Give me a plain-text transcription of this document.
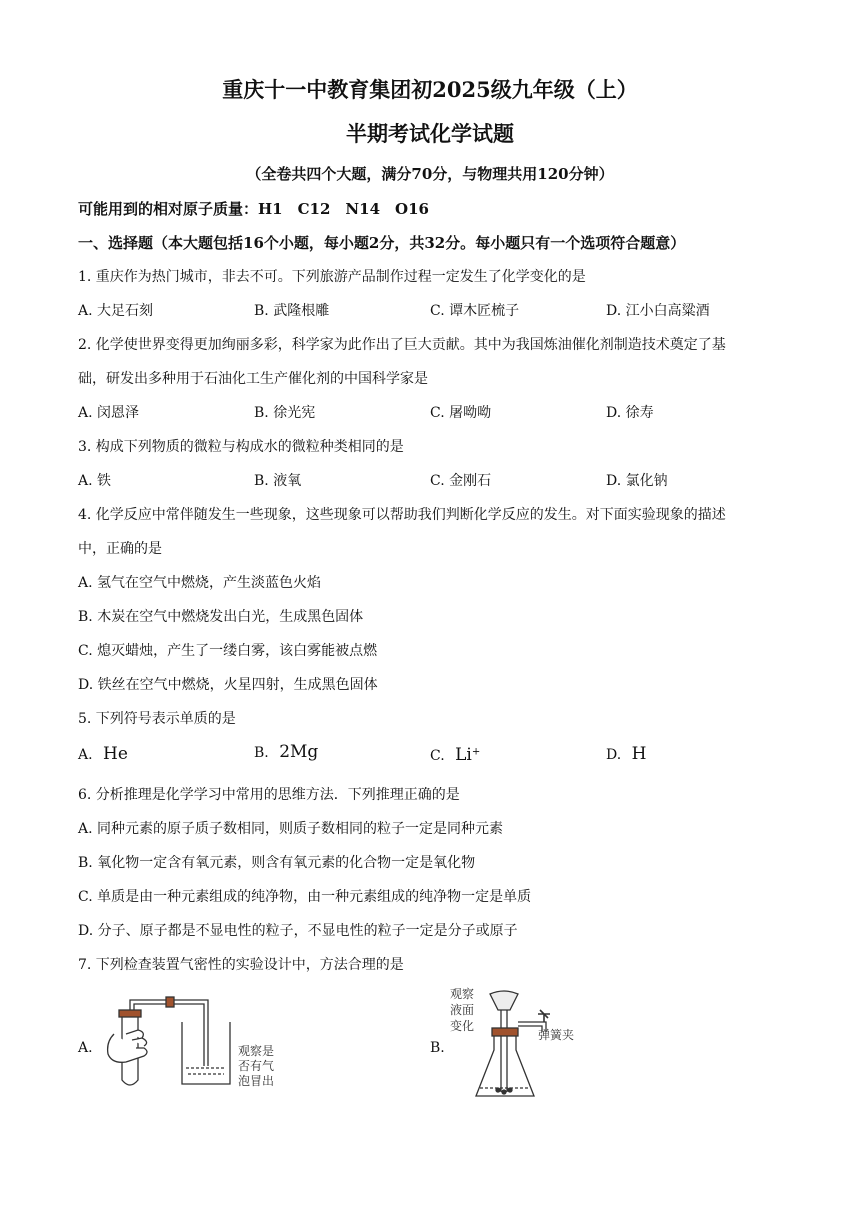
重庆十一中教育集团初2025级九年级（上）
半期考试化学试题
（全卷共四个大题，满分70分，与物理共用120分钟）
可能用到的相对原子质量：H1　C12　N14　O16
一、选择题（本大题包括16个小题，每小题2分，共32分。每小题只有一个选项符合题意）
1. 重庆作为热门城市，非去不可。下列旅游产品制作过程一定发生了化学变化的是
A. 大足石刻	B. 武隆根雕	C. 谭木匠梳子	D. 江小白高粱酒
2. 化学使世界变得更加绚丽多彩，科学家为此作出了巨大贡献。其中为我国炼油催化剂制造技术奠定了基
础，研发出多种用于石油化工生产催化剂的中国科学家是
A. 闵恩泽	B. 徐光宪	C. 屠呦呦	D. 徐寿
3. 构成下列物质的微粒与构成水的微粒种类相同的是
A. 铁	B. 液氧	C. 金刚石	D. 氯化钠
4. 化学反应中常伴随发生一些现象，这些现象可以帮助我们判断化学反应的发生。对下面实验现象的描述
中，正确的是
A. 氢气在空气中燃烧，产生淡蓝色火焰
B. 木炭在空气中燃烧发出白光，生成黑色固体
C. 熄灭蜡烛，产生了一缕白雾，该白雾能被点燃
D. 铁丝在空气中燃烧，火星四射，生成黑色固体
5. 下列符号表示单质的是
A. He	B. 2Mg	C. Li+	D. H
6. 分析推理是化学学习中常用的思维方法．下列推理正确的是
A. 同种元素的原子质子数相同，则质子数相同的粒子一定是同种元素
B. 氧化物一定含有氧元素，则含有氧元素的化合物一定是氧化物
C. 单质是由一种元素组成的纯净物，由一种元素组成的纯净物一定是单质
D. 分子、原子都是不显电性的粒子，不显电性的粒子一定是分子或原子
7. 下列检查装置气密性的实验设计中，方法合理的是
A.	B.
观察是
否有气
泡冒出
观察
液面
变化
弹簧夹
